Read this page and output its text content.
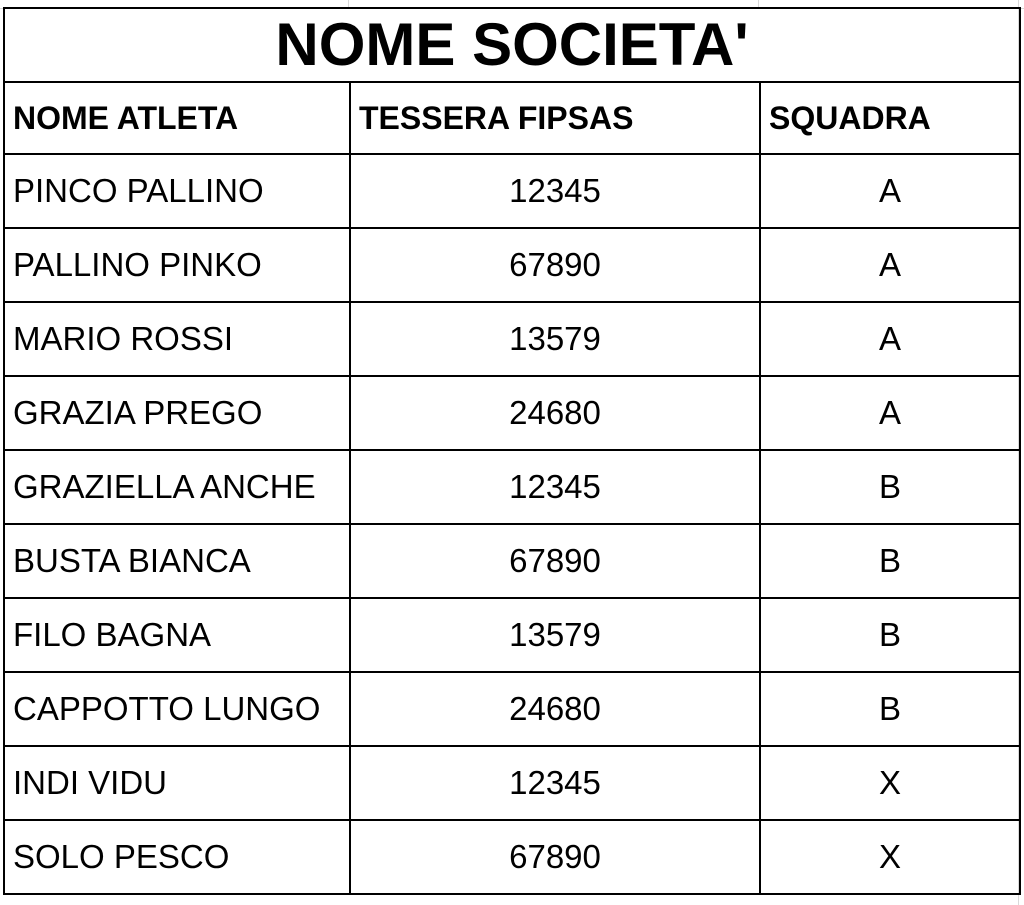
NOME SOCIETA'		
NOME ATLETA	TESSERA FIPSAS	SQUADRA
PINCO PALLINO	12345	A
PALLINO PINKO	67890	A
MARIO ROSSI	13579	A
GRAZIA PREGO	24680	A
GRAZIELLA ANCHE	12345	B
BUSTA BIANCA	67890	B
FILO BAGNA	13579	B
CAPPOTTO LUNGO	24680	B
INDI VIDU	12345	X
SOLO PESCO	67890	X
